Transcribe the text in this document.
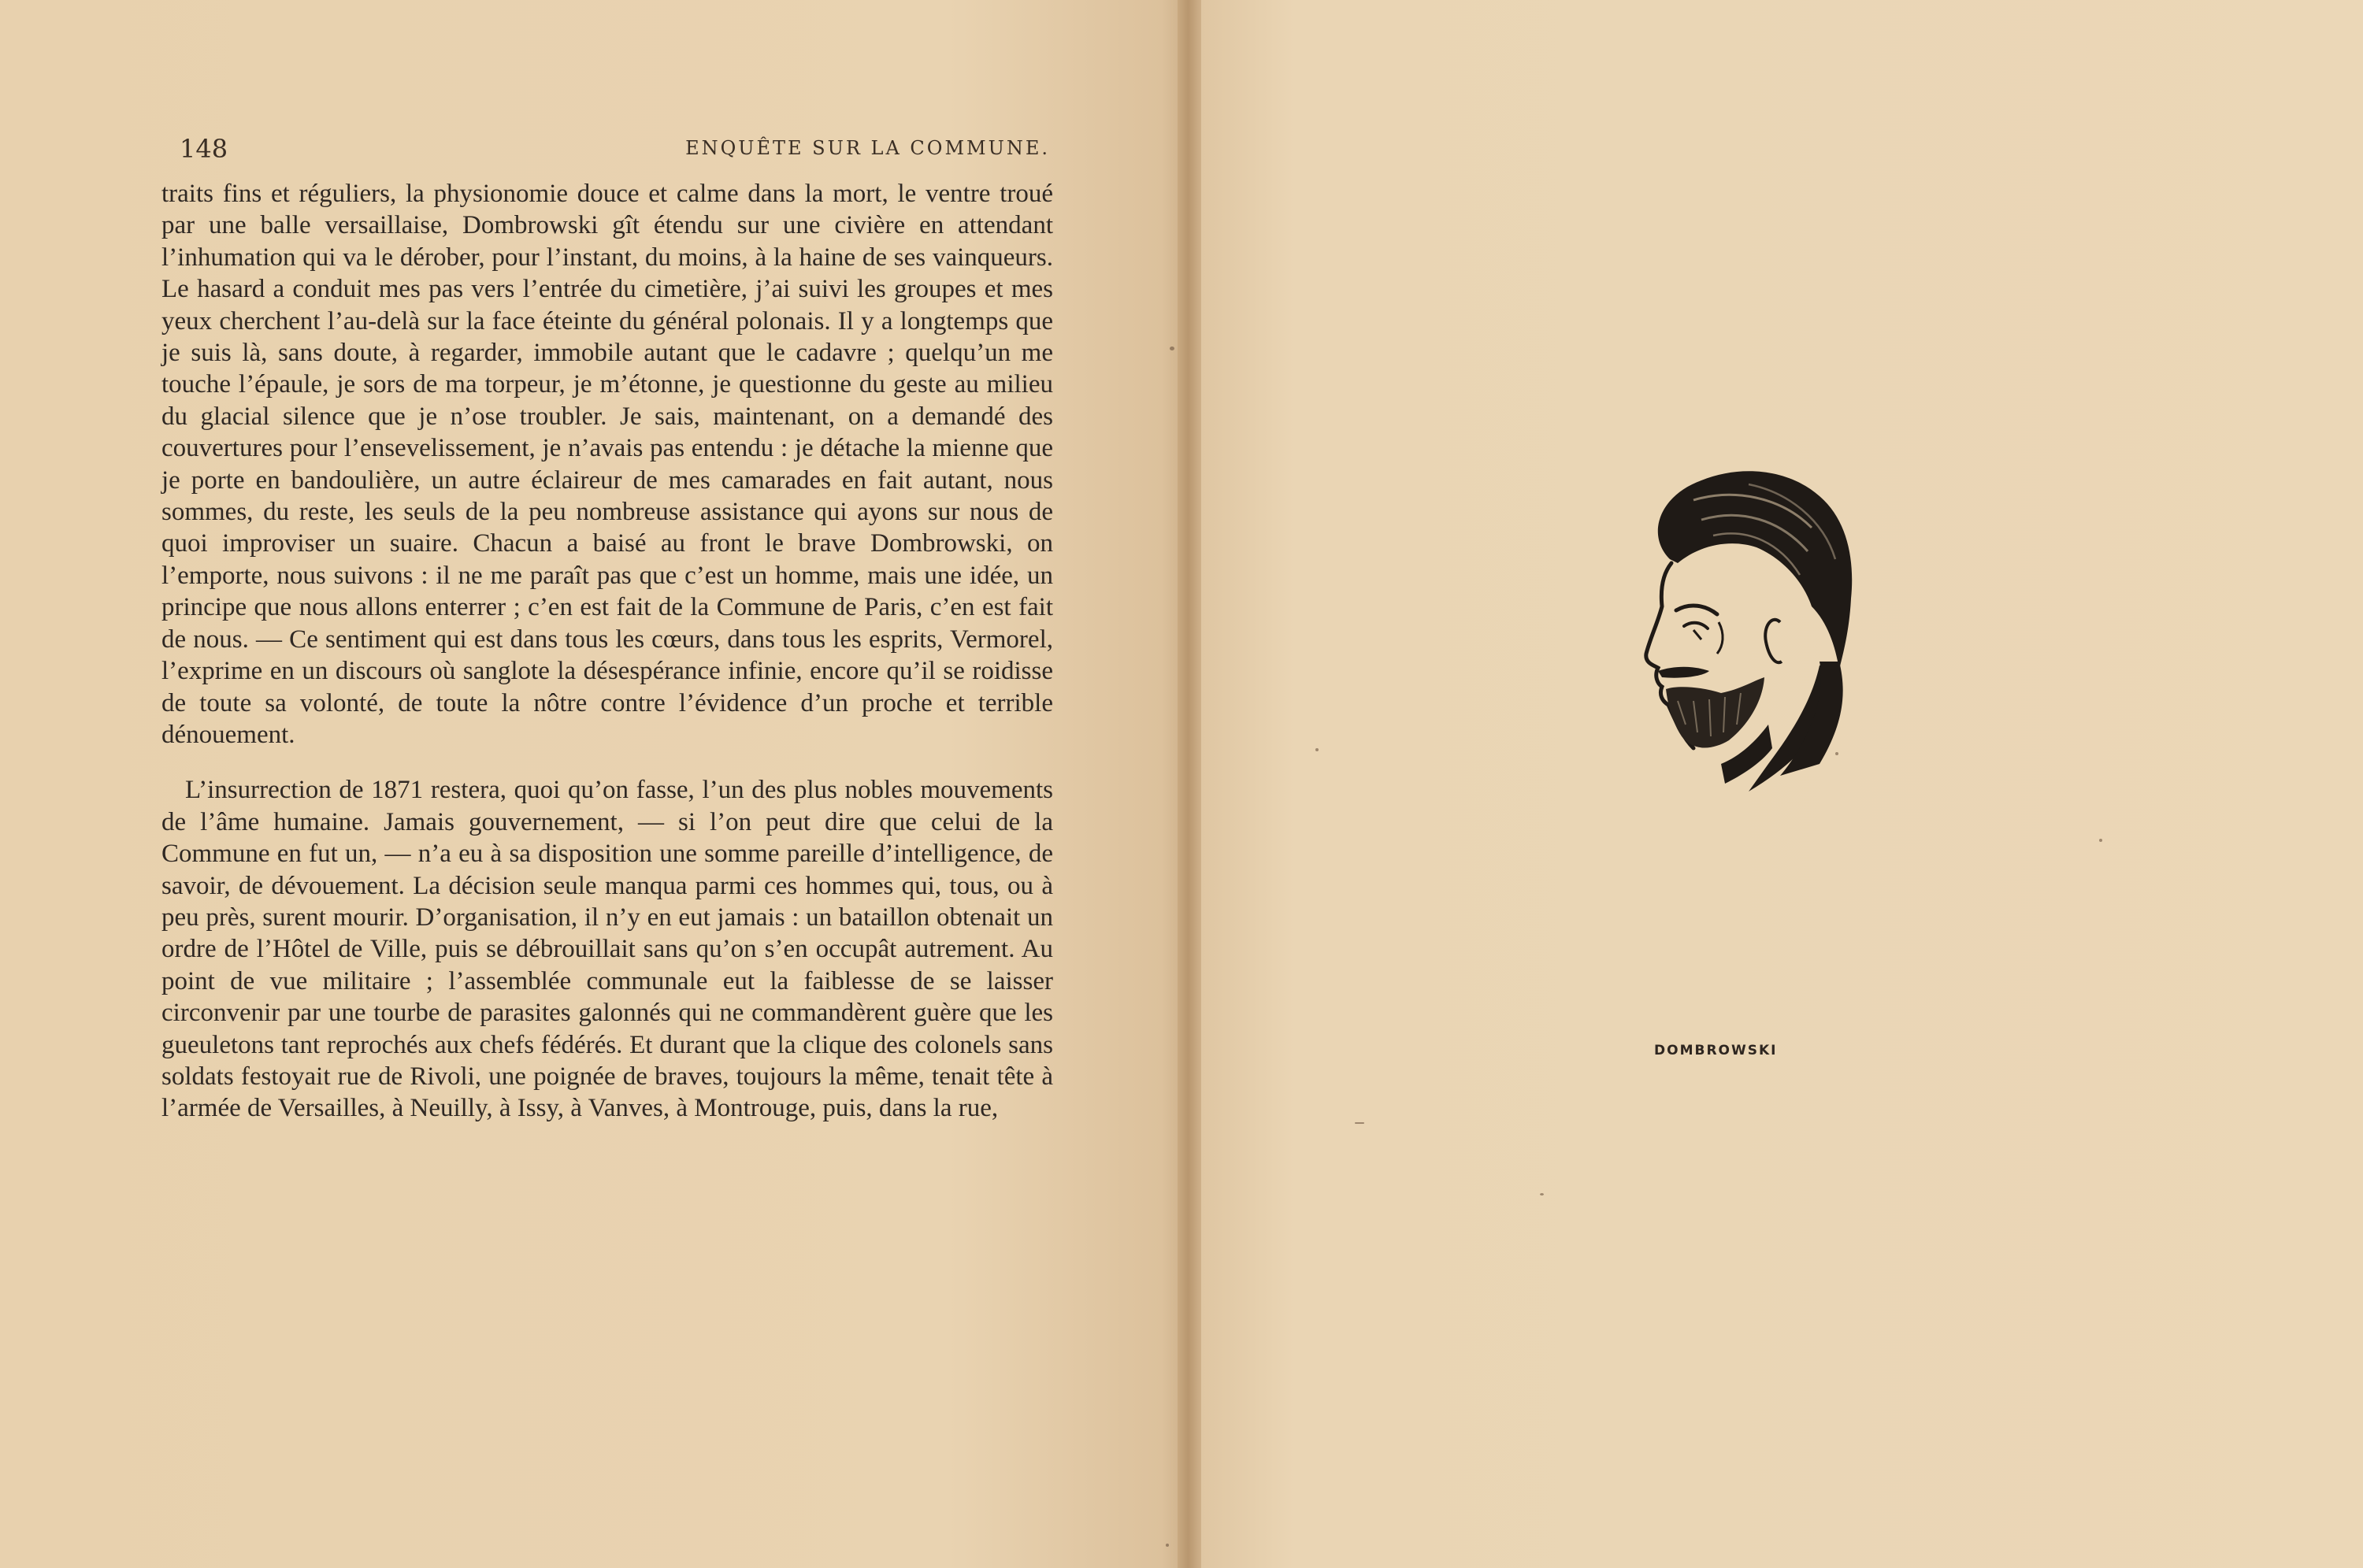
148	ENQUÊTE SUR LA COMMUNE.

traits fins et réguliers, la physionomie douce et calme dans la mort, le ventre troué par une balle versaillaise, Dombrowski gît étendu sur une civière en attendant l’inhumation qui va le dérober, pour l’instant, du moins, à la haine de ses vainqueurs. Le hasard a conduit mes pas vers l’entrée du cimetière, j’ai suivi les groupes et mes yeux cherchent l’au-delà sur la face éteinte du général polonais. Il y a longtemps que je suis là, sans doute, à regarder, immobile autant que le cadavre ; quelqu’un me touche l’épaule, je sors de ma torpeur, je m’étonne, je questionne du geste au milieu du glacial silence que je n’ose troubler. Je sais, maintenant, on a demandé des couvertures pour l’ensevelissement, je n’avais pas entendu : je détache la mienne que je porte en bandoulière, un autre éclaireur de mes camarades en fait autant, nous sommes, du reste, les seuls de la peu nombreuse assistance qui ayons sur nous de quoi improviser un suaire. Chacun a baisé au front le brave Dombrowski, on l’emporte, nous suivons : il ne me paraît pas que c’est un homme, mais une idée, un principe que nous allons enterrer ; c’en est fait de la Commune de Paris, c’en est fait de nous. — Ce sentiment qui est dans tous les cœurs, dans tous les esprits, Vermorel, l’exprime en un discours où sanglote la désespérance infinie, encore qu’il se roidisse de toute sa volonté, de toute la nôtre contre l’évidence d’un proche et terrible dénouement.

L’insurrection de 1871 restera, quoi qu’on fasse, l’un des plus nobles mouvements de l’âme humaine. Jamais gouvernement, — si l’on peut dire que celui de la Commune en fut un, — n’a eu à sa disposition une somme pareille d’intelligence, de savoir, de dévouement. La décision seule manqua parmi ces hommes qui, tous, ou à peu près, surent mourir. D’organisation, il n’y en eut jamais : un bataillon obtenait un ordre de l’Hôtel de Ville, puis se débrouillait sans qu’on s’en occupât autrement. Au point de vue militaire ; l’assemblée communale eut la faiblesse de se laisser circonvenir par une tourbe de parasites galonnés qui ne commandèrent guère que les gueuletons tant reprochés aux chefs fédérés. Et durant que la clique des colonels sans soldats festoyait rue de Rivoli, une poignée de braves, toujours la même, tenait tête à l’armée de Versailles, à Neuilly, à Issy, à Vanves, à Montrouge, puis, dans la rue,

DOMBROWSKI
